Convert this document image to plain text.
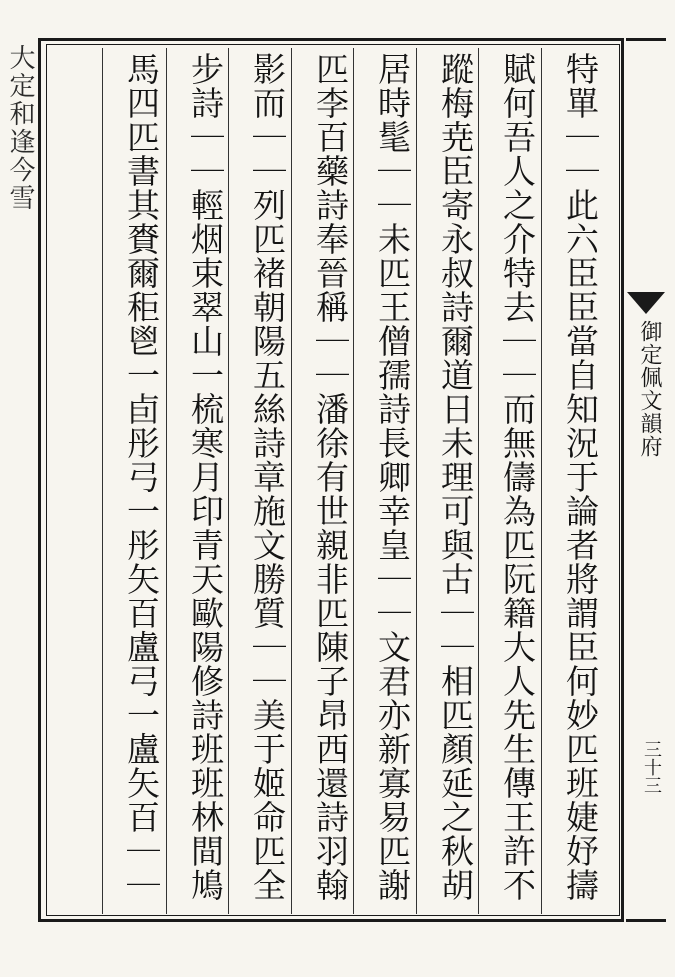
大定和逢今雪
御定佩文韻府
三十三
特單｜｜此六臣臣當自知況于論者將謂臣何妙匹班婕妤擣
賦何吾人之介特去｜｜而無儔為匹阮籍大人先生傳王許不
蹤梅尭臣寄永叔詩爾道日未理可與古｜｜相匹顏延之秋胡
居時髦｜｜未匹王僧孺詩長卿幸皇｜｜文君亦新寡易匹謝
匹李百藥詩奉晉稱｜｜潘徐有世親非匹陳子昂西還詩羽翰
影而｜｜列匹褚朝陽五絲詩章施文勝質｜｜美于姬命匹全
步詩｜｜輕烟束翠山一梳寒月印青天歐陽修詩班班林間鳩
馬四匹書其賚爾秬鬯一卣彤弓一彤矢百盧弓一盧矢百｜｜
